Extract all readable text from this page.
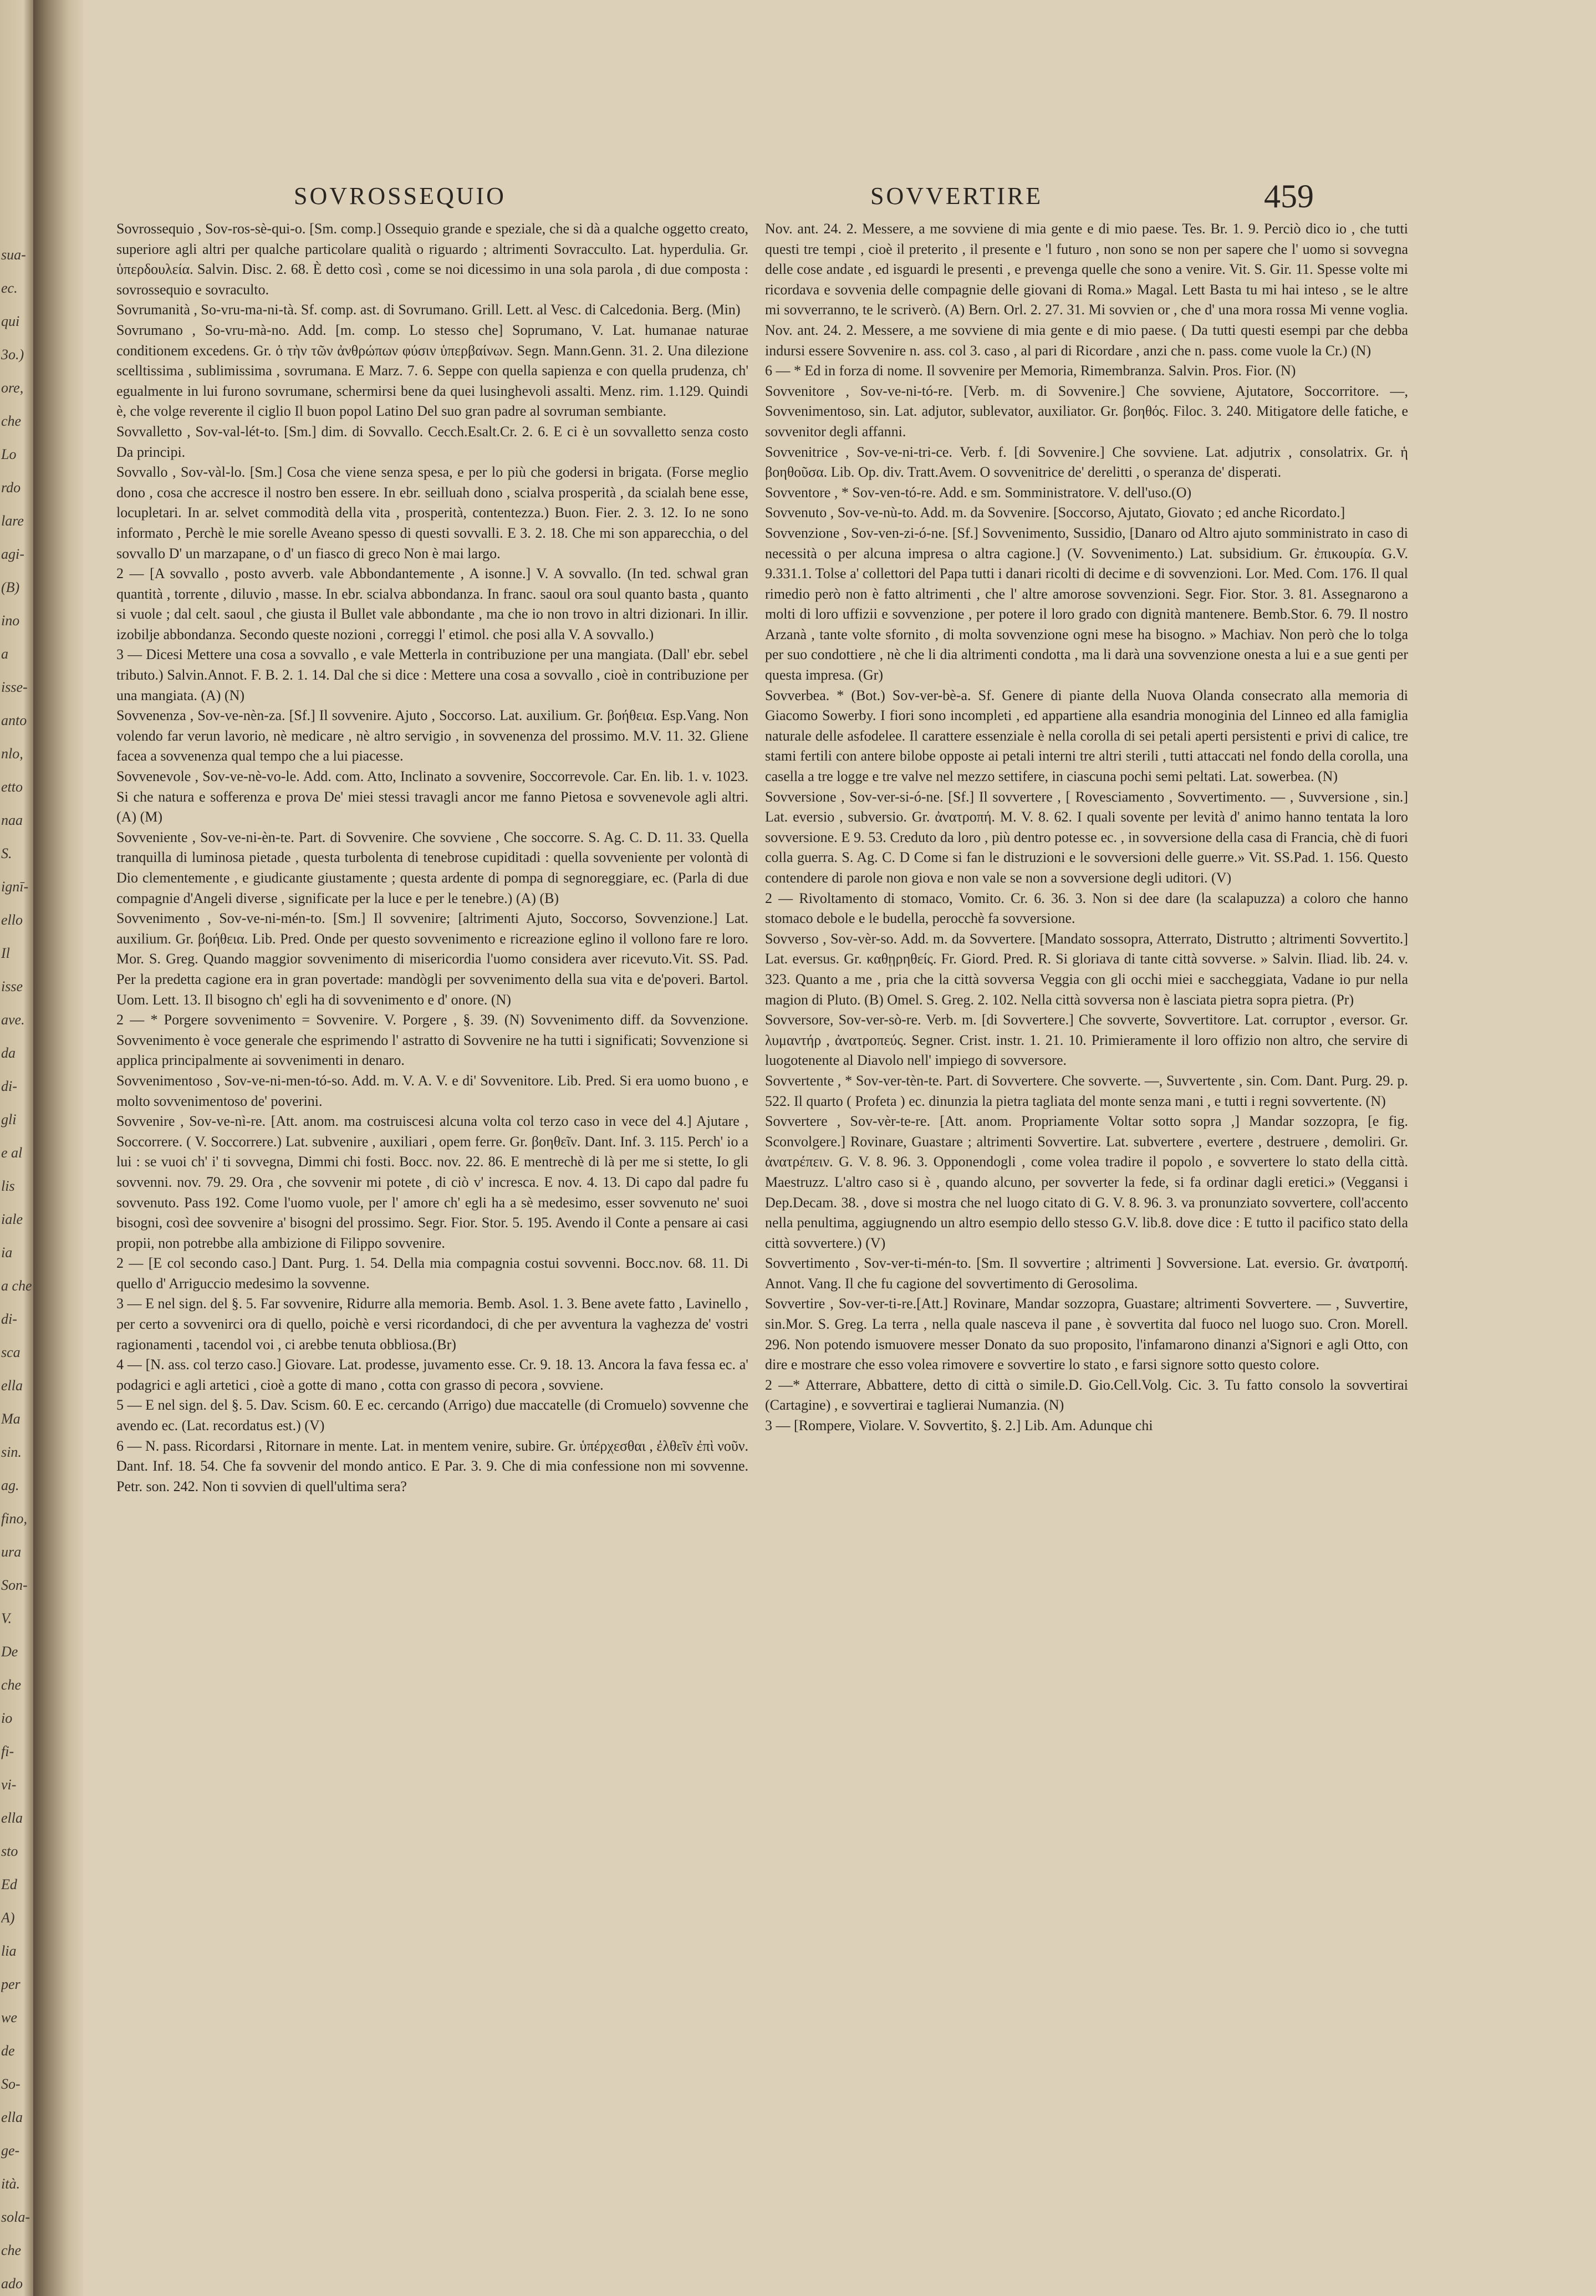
sua-
ec.
qui
3o.)
ore,
che
Lo
rdo
lare
agi-
(B)
ino
a
isse-
anto
nlo,
etto
naa
S.
ignī-
ello
Il
isse
ave.
da
di-
gli
e al
lis
iale
ia
a che
di-
sca
ella
Ma
sin.
ag.
fino,
ura
Son-
V.
De
che
io
fi-
vi-
ella
sto
Ed
A)
lia
per
we
de
So-
ella
ge-
ità.
sola-
che
ado
SOVROSSEQUIO	SOVVERTIRE	459

Sovrossequio , Sov-ros-sè-qui-o. [Sm. comp.] Ossequio grande e speziale, che si dà a qualche oggetto creato, superiore agli altri per qualche particolare qualità o riguardo ; altrimenti Sovracculto. Lat. hyperdulia. Gr. ὑπερδουλεία. Salvin. Disc. 2. 68. È detto così , come se noi dicessimo in una sola parola , di due composta : sovrossequio e sovraculto.

Sovrumanità , So-vru-ma-ni-tà. Sf. comp. ast. di Sovrumano. Grill. Lett. al Vesc. di Calcedonia. Berg. (Min)

Sovrumano , So-vru-mà-no. Add. [m. comp. Lo stesso che] Soprumano, V. Lat. humanae naturae conditionem excedens. Gr. ὁ τὴν τῶν ἀνθρώπων φύσιν ὑπερβαίνων. Segn. Mann.Genn. 31. 2. Una dilezione scelltissima , sublimissima , sovrumana. E Marz. 7. 6. Seppe con quella sapienza e con quella prudenza, ch' egualmente in lui furono sovrumane, schermirsi bene da quei lusinghevoli assalti. Menz. rim. 1.129. Quindi è, che volge reverente il ciglio Il buon popol Latino Del suo gran padre al sovruman sembiante.

Sovvalletto , Sov-val-lét-to. [Sm.] dim. di Sovvallo. Cecch.Esalt.Cr. 2. 6. E ci è un sovvalletto senza costo Da principi.

Sovvallo , Sov-vàl-lo. [Sm.] Cosa che viene senza spesa, e per lo più che godersi in brigata. (Forse meglio dono , cosa che accresce il nostro ben essere. In ebr. seilluah dono , scialva prosperità , da scialah bene esse, locupletari. In ar. selvet commodità della vita , prosperità, contentezza.) Buon. Fier. 2. 3. 12. Io ne sono informato , Perchè le mie sorelle Aveano spesso di questi sovvalli. E 3. 2. 18. Che mi son apparecchia, o del sovvallo D' un marzapane, o d' un fiasco di greco Non è mai largo.

2 — [A sovvallo , posto avverb. vale Abbondantemente , A isonne.] V. A sovvallo. (In ted. schwal gran quantità , torrente , diluvio , masse. In ebr. scialva abbondanza. In franc. saoul ora soul quanto basta , quanto si vuole ; dal celt. saoul , che giusta il Bullet vale abbondante , ma che io non trovo in altri dizionari. In illir. izobilje abbondanza. Secondo queste nozioni , correggi l' etimol. che posi alla V. A sovvallo.)

3 — Dicesi Mettere una cosa a sovvallo , e vale Metterla in contribuzione per una mangiata. (Dall' ebr. sebel tributo.) Salvin.Annot. F. B. 2. 1. 14. Dal che si dice : Mettere una cosa a sovvallo , cioè in contribuzione per una mangiata. (A) (N)

Sovvenenza , Sov-ve-nèn-za. [Sf.] Il sovvenire. Ajuto , Soccorso. Lat. auxilium. Gr. βοήθεια. Esp.Vang. Non volendo far verun lavorio, nè medicare , nè altro servigio , in sovvenenza del prossimo. M.V. 11. 32. Gliene facea a sovvenenza qual tempo che a lui piacesse.

Sovvenevole , Sov-ve-nè-vo-le. Add. com. Atto, Inclinato a sovvenire, Soccorrevole. Car. En. lib. 1. v. 1023. Si che natura e sofferenza e prova De' miei stessi travagli ancor me fanno Pietosa e sovvenevole agli altri. (A) (M)

Sovveniente , Sov-ve-ni-èn-te. Part. di Sovvenire. Che sovviene , Che soccorre. S. Ag. C. D. 11. 33. Quella tranquilla di luminosa pietade , questa turbolenta di tenebrose cupiditadi : quella sovveniente per volontà di Dio clementemente , e giudicante giustamente ; questa ardente di pompa di segnoreggiare, ec. (Parla di due compagnie d'Angeli diverse , significate per la luce e per le tenebre.) (A) (B)

Sovvenimento , Sov-ve-ni-mén-to. [Sm.] Il sovvenire; [altrimenti Ajuto, Soccorso, Sovvenzione.] Lat. auxilium. Gr. βοήθεια. Lib. Pred. Onde per questo sovvenimento e ricreazione eglino il vollono fare re loro. Mor. S. Greg. Quando maggior sovvenimento di misericordia l'uomo considera aver ricevuto.Vit. SS. Pad. Per la predetta cagione era in gran povertade: mandògli per sovvenimento della sua vita e de'poveri. Bartol. Uom. Lett. 13. Il bisogno ch' egli ha di sovvenimento e d' onore. (N)

2 — * Porgere sovvenimento = Sovvenire. V. Porgere , §. 39. (N) Sovvenimento diff. da Sovvenzione. Sovvenimento è voce generale che esprimendo l' astratto di Sovvenire ne ha tutti i significati; Sovvenzione si applica principalmente ai sovvenimenti in denaro.

Sovvenimentoso , Sov-ve-ni-men-tó-so. Add. m. V. A. V. e di' Sovvenitore. Lib. Pred. Si era uomo buono , e molto sovvenimentoso de' poverini.

Sovvenire , Sov-ve-nì-re. [Att. anom. ma costruiscesi alcuna volta col terzo caso in vece del 4.] Ajutare , Soccorrere. ( V. Soccorrere.) Lat. subvenire , auxiliari , opem ferre. Gr. βοηθεῖν. Dant. Inf. 3. 115. Perch' io a lui : se vuoi ch' i' ti sovvegna, Dimmi chi fosti. Bocc. nov. 22. 86. E mentrechè di là per me si stette, Io gli sovvenni. nov. 79. 29. Ora , che sovvenir mi potete , di ciò v' incresca. E nov. 4. 13. Di capo dal padre fu sovvenuto. Pass 192. Come l'uomo vuole, per l' amore ch' egli ha a sè medesimo, esser sovvenuto ne' suoi bisogni, così dee sovvenire a' bisogni del prossimo. Segr. Fior. Stor. 5. 195. Avendo il Conte a pensare ai casi propii, non potrebbe alla ambizione di Filippo sovvenire.

2 — [E col secondo caso.] Dant. Purg. 1. 54. Della mia compagnia costui sovvenni. Bocc.nov. 68. 11. Di quello d' Arriguccio medesimo la sovvenne.

3 — E nel sign. del §. 5. Far sovvenire, Ridurre alla memoria. Bemb. Asol. 1. 3. Bene avete fatto , Lavinello , per certo a sovvenirci ora di quello, poichè e versi ricordandoci, di che per avventura la vaghezza de' vostri ragionamenti , tacendol voi , ci arebbe tenuta obbliosa.(Br)

4 — [N. ass. col terzo caso.] Giovare. Lat. prodesse, juvamento esse. Cr. 9. 18. 13. Ancora la fava fessa ec. a' podagrici e agli artetici , cioè a gotte di mano , cotta con grasso di pecora , sovviene.

5 — E nel sign. del §. 5. Dav. Scism. 60. E ec. cercando (Arrigo) due maccatelle (di Cromuelo) sovvenne che avendo ec. (Lat. recordatus est.) (V)

6 — N. pass. Ricordarsi , Ritornare in mente. Lat. in mentem venire, subire. Gr. ὑπέρχεσθαι , ἐλθεῖν ἐπὶ νοῦν. Dant. Inf. 18. 54. Che fa sovvenir del mondo antico. E Par. 3. 9. Che di mia confessione non mi sovvenne. Petr. son. 242. Non ti sovvien di quell'ultima sera?

Nov. ant. 24. 2. Messere, a me sovviene di mia gente e di mio paese. Tes. Br. 1. 9. Perciò dico io , che tutti questi tre tempi , cioè il preterito , il presente e 'l futuro , non sono se non per sapere che l' uomo si sovvegna delle cose andate , ed isguardi le presenti , e prevenga quelle che sono a venire. Vit. S. Gir. 11. Spesse volte mi ricordava e sovvenia delle compagnie delle giovani di Roma.» Magal. Lett Basta tu mi hai inteso , se le altre mi sovverranno, te le scriverò. (A) Bern. Orl. 2. 27. 31. Mi sovvien or , che d' una mora rossa Mi venne voglia. Nov. ant. 24. 2. Messere, a me sovviene di mia gente e di mio paese. ( Da tutti questi esempi par che debba indursi essere Sovvenire n. ass. col 3. caso , al pari di Ricordare , anzi che n. pass. come vuole la Cr.) (N)

6 — * Ed in forza di nome. Il sovvenire per Memoria, Rimembranza. Salvin. Pros. Fior. (N)

Sovvenitore , Sov-ve-ni-tó-re. [Verb. m. di Sovvenire.] Che sovviene, Ajutatore, Soccorritore. —, Sovvenimentoso, sin. Lat. adjutor, sublevator, auxiliator. Gr. βοηθός. Filoc. 3. 240. Mitigatore delle fatiche, e sovvenitor degli affanni.

Sovvenitrice , Sov-ve-ni-tri-ce. Verb. f. [di Sovvenire.] Che sovviene. Lat. adjutrix , consolatrix. Gr. ἡ βοηθοῦσα. Lib. Op. div. Tratt.Avem. O sovvenitrice de' derelitti , o speranza de' disperati.

Sovventore , * Sov-ven-tó-re. Add. e sm. Somministratore. V. dell'uso.(O)

Sovvenuto , Sov-ve-nù-to. Add. m. da Sovvenire. [Soccorso, Ajutato, Giovato ; ed anche Ricordato.]

Sovvenzione , Sov-ven-zi-ó-ne. [Sf.] Sovvenimento, Sussidio, [Danaro od Altro ajuto somministrato in caso di necessità o per alcuna impresa o altra cagione.] (V. Sovvenimento.) Lat. subsidium. Gr. ἐπικουρία. G.V. 9.331.1. Tolse a' collettori del Papa tutti i danari ricolti di decime e di sovvenzioni. Lor. Med. Com. 176. Il qual rimedio però non è fatto altrimenti , che l' altre amorose sovvenzioni. Segr. Fior. Stor. 3. 81. Assegnarono a molti di loro uffizii e sovvenzione , per potere il loro grado con dignità mantenere. Bemb.Stor. 6. 79. Il nostro Arzanà , tante volte sfornito , di molta sovvenzione ogni mese ha bisogno. » Machiav. Non però che lo tolga per suo condottiere , nè che li dia altrimenti condotta , ma li darà una sovvenzione onesta a lui e a sue genti per questa impresa. (Gr)

Sovverbea. * (Bot.) Sov-ver-bè-a. Sf. Genere di piante della Nuova Olanda consecrato alla memoria di Giacomo Sowerby. I fiori sono incompleti , ed appartiene alla esandria monoginia del Linneo ed alla famiglia naturale delle asfodelee. Il carattere essenziale è nella corolla di sei petali aperti persistenti e privi di calice, tre stami fertili con antere bilobe opposte ai petali interni tre altri sterili , tutti attaccati nel fondo della corolla, una casella a tre logge e tre valve nel mezzo settifere, in ciascuna pochi semi peltati. Lat. sowerbea. (N)

Sovversione , Sov-ver-si-ó-ne. [Sf.] Il sovvertere , [ Rovesciamento , Sovvertimento. — , Suvversione , sin.] Lat. eversio , subversio. Gr. ἀνατροπή. M. V. 8. 62. I quali sovente per levità d' animo hanno tentata la loro sovversione. E 9. 53. Creduto da loro , più dentro potesse ec. , in sovversione della casa di Francia, chè di fuori colla guerra. S. Ag. C. D Come si fan le distruzioni e le sovversioni delle guerre.» Vit. SS.Pad. 1. 156. Questo contendere di parole non giova e non vale se non a sovversione degli uditori. (V)

2 — Rivoltamento di stomaco, Vomito. Cr. 6. 36. 3. Non si dee dare (la scalapuzza) a coloro che hanno stomaco debole e le budella, perocchè fa sovversione.

Sovverso , Sov-vèr-so. Add. m. da Sovvertere. [Mandato sossopra, Atterrato, Distrutto ; altrimenti Sovvertito.] Lat. eversus. Gr. καθῃρηθείς. Fr. Giord. Pred. R. Si gloriava di tante città sovverse. » Salvin. Iliad. lib. 24. v. 323. Quanto a me , pria che la città sovversa Veggia con gli occhi miei e saccheggiata, Vadane io pur nella magion di Pluto. (B) Omel. S. Greg. 2. 102. Nella città sovversa non è lasciata pietra sopra pietra. (Pr)

Sovversore, Sov-ver-sò-re. Verb. m. [di Sovvertere.] Che sovverte, Sovvertitore. Lat. corruptor , eversor. Gr. λυμαντήρ , ἀνατροπεύς. Segner. Crist. instr. 1. 21. 10. Primieramente il loro offizio non altro, che servire di luogotenente al Diavolo nell' impiego di sovversore.

Sovvertente , * Sov-ver-tèn-te. Part. di Sovvertere. Che sovverte. —, Suvvertente , sin. Com. Dant. Purg. 29. p. 522. Il quarto ( Profeta ) ec. dinunzia la pietra tagliata del monte senza mani , e tutti i regni sovvertente. (N)

Sovvertere , Sov-vèr-te-re. [Att. anom. Propriamente Voltar sotto sopra ,] Mandar sozzopra, [e fig. Sconvolgere.] Rovinare, Guastare ; altrimenti Sovvertire. Lat. subvertere , evertere , destruere , demoliri. Gr. ἀνατρέπειν. G. V. 8. 96. 3. Opponendogli , come volea tradire il popolo , e sovvertere lo stato della città. Maestruzz. L'altro caso si è , quando alcuno, per sovverter la fede, si fa ordinar dagli eretici.» (Veggansi i Dep.Decam. 38. , dove si mostra che nel luogo citato di G. V. 8. 96. 3. va pronunziato sovvertere, coll'accento nella penultima, aggiugnendo un altro esempio dello stesso G.V. lib.8. dove dice : E tutto il pacifico stato della città sovvertere.) (V)

Sovvertimento , Sov-ver-ti-mén-to. [Sm. Il sovvertire ; altrimenti ] Sovversione. Lat. eversio. Gr. ἀνατροπή. Annot. Vang. Il che fu cagione del sovvertimento di Gerosolima.

Sovvertire , Sov-ver-ti-re.[Att.] Rovinare, Mandar sozzopra, Guastare; altrimenti Sovvertere. — , Suvvertire, sin.Mor. S. Greg. La terra , nella quale nasceva il pane , è sovvertita dal fuoco nel luogo suo. Cron. Morell. 296. Non potendo ismuovere messer Donato da suo proposito, l'infamarono dinanzi a'Signori e agli Otto, con dire e mostrare che esso volea rimovere e sovvertire lo stato , e farsi signore sotto questo colore.

2 —* Atterrare, Abbattere, detto di città o simile.D. Gio.Cell.Volg. Cic. 3. Tu fatto consolo la sovvertirai (Cartagine) , e sovvertirai e taglierai Numanzia. (N)

3 — [Rompere, Violare. V. Sovvertito, §. 2.] Lib. Am. Adunque chi
